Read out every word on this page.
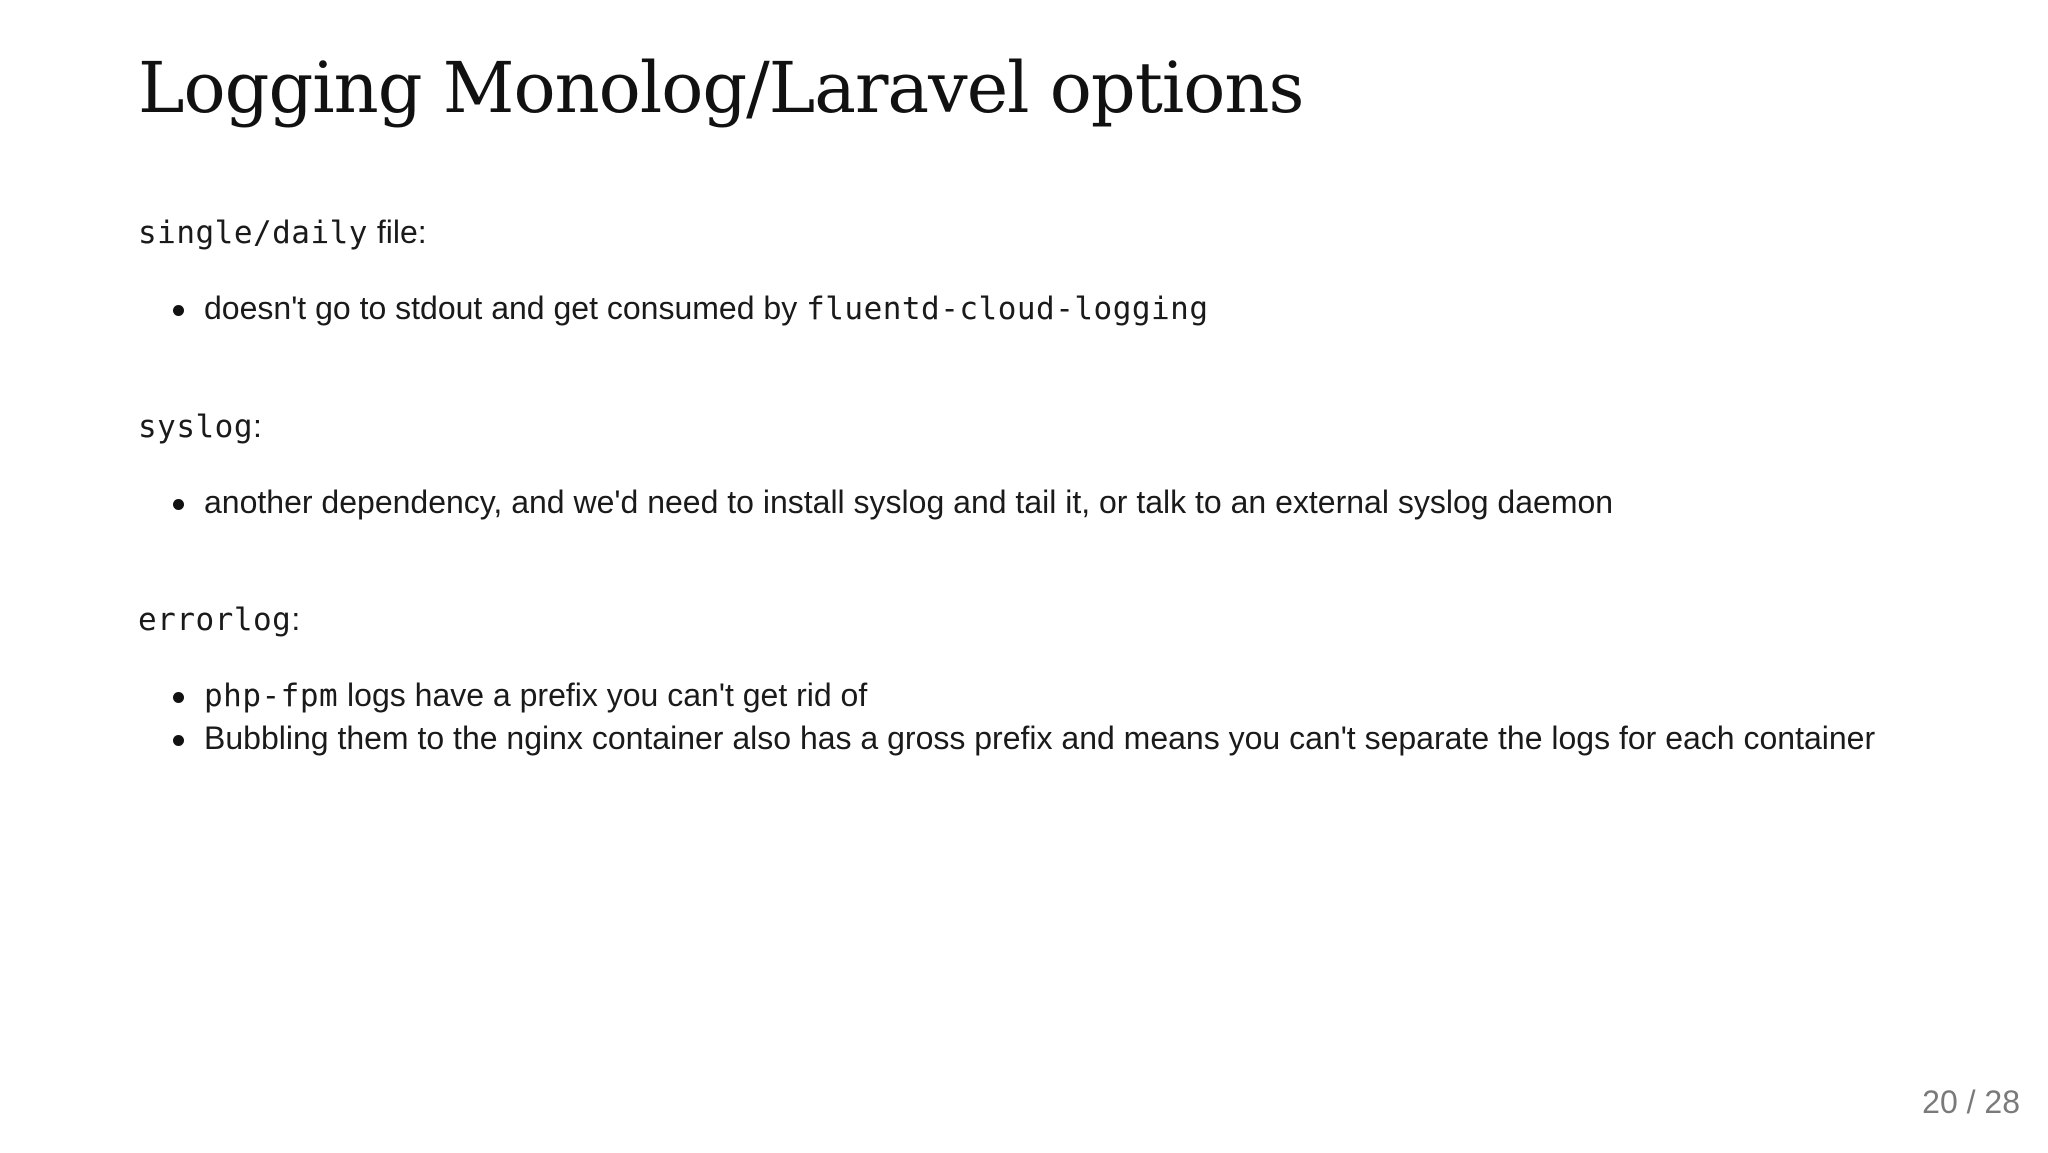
Logging Monolog/Laravel options

single/daily file:

doesn't go to stdout and get consumed by fluentd-cloud-logging

syslog:

another dependency, and we'd need to install syslog and tail it, or talk to an external syslog daemon

errorlog:

php-fpm logs have a prefix you can't get rid of
Bubbling them to the nginx container also has a gross prefix and means you can't separate the logs for each container
20 / 28
